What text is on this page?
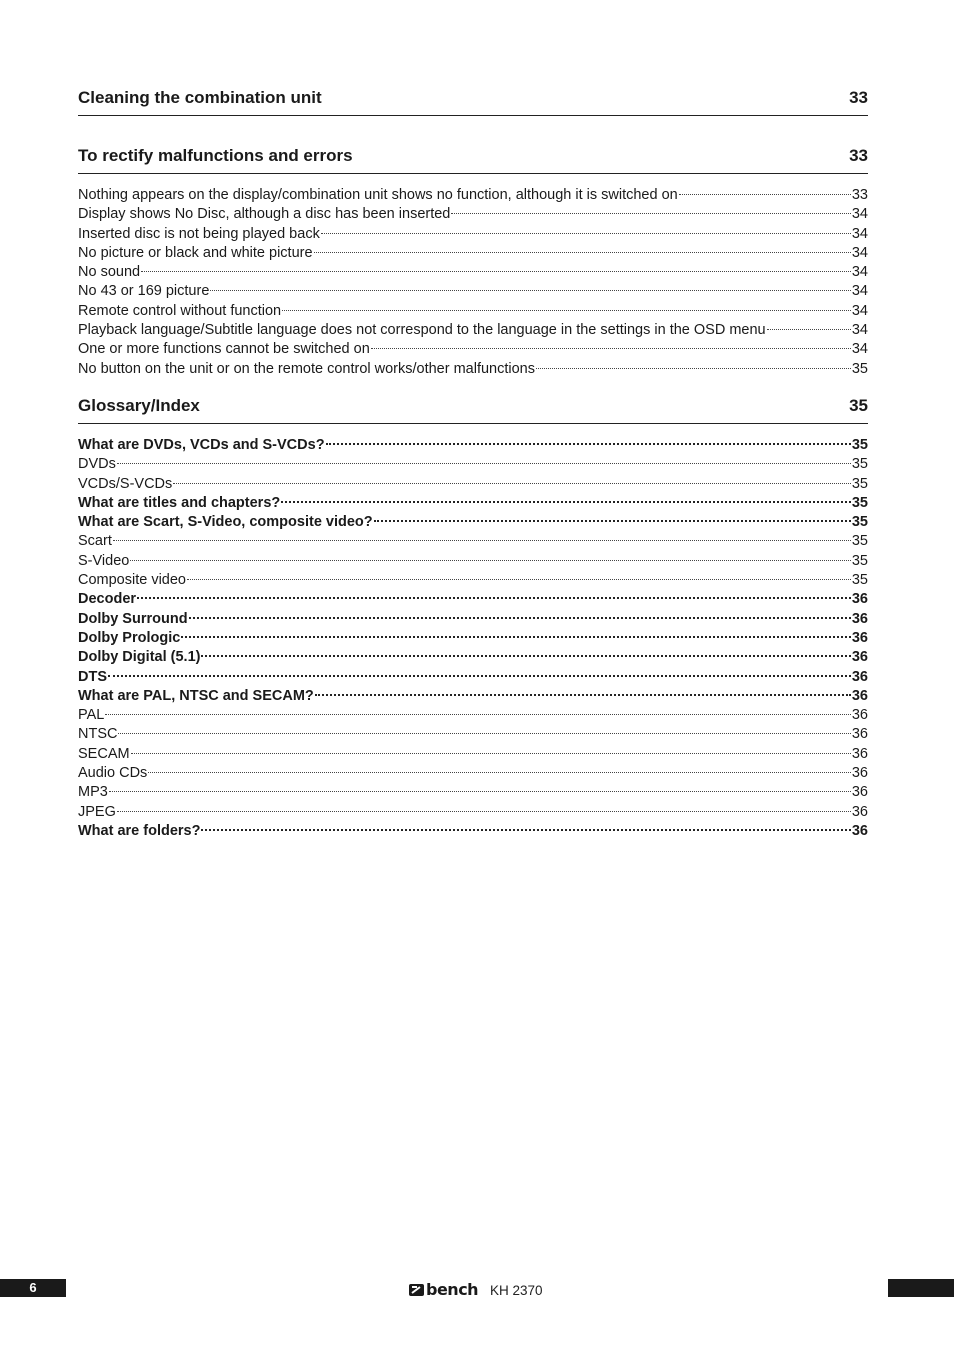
Cleaning the combination unit	33
To rectify malfunctions and errors	33
Nothing appears on the display/combination unit shows no function, although it is switched on	33
Display shows No Disc, although a disc has been inserted	34
Inserted disc is not being played back	34
No picture or black and white picture	34
No sound	34
No 43 or 169 picture	34
Remote control without function	34
Playback language/Subtitle language does not correspond to the language in the settings in the OSD menu	34
One or more functions cannot be switched on	34
No button on the unit or on the remote control works/other malfunctions	35
Glossary/Index	35
What are DVDs, VCDs and S-VCDs?	35
DVDs	35
VCDs/S-VCDs	35
What are titles and chapters?	35
What are Scart, S-Video, composite video?	35
Scart	35
S-Video	35
Composite video	35
Decoder	36
Dolby Surround	36
Dolby Prologic	36
Dolby Digital (5.1)	36
DTS	36
What are PAL, NTSC and SECAM?	36
PAL	36
NTSC	36
SECAM	36
Audio CDs	36
MP3	36
JPEG	36
What are folders?	36
6	bench KH 2370
